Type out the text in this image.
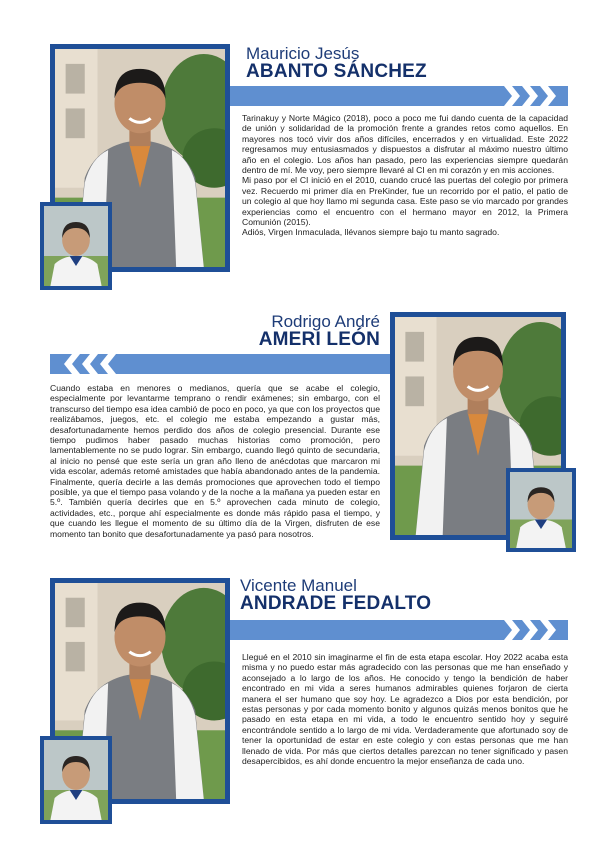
Mauricio Jesús
ABANTO SÁNCHEZ

Tarinakuy y Norte Mágico (2018), poco a poco me fui dando cuenta de la capacidad de unión y solidaridad de la promoción frente a grandes retos como aquellos. En mayores nos tocó vivir dos años difíciles, encerrados y en virtualidad. Este 2022 regresamos muy entusiasmados y dispuestos a disfrutar al máximo nuestro último año en el colegio. Los años han pasado, pero las experiencias siempre quedarán dentro de mí. Me voy, pero siempre llevaré al CI en mi corazón y en mis acciones.

Mi paso por el CI inició en el 2010, cuando crucé las puertas del colegio por primera vez. Recuerdo mi primer día en PreKinder, fue un recorrido por el patio, el patio de un colegio al que hoy llamo mi segunda casa. Este paso se vio marcado por grandes experiencias como el encuentro con el hermano mayor en 2012, la Primera Comunión (2015).

Adiós, Virgen Inmaculada, llévanos siempre bajo tu manto sagrado.

Rodrigo André
AMERI LEÓN

Cuando estaba en menores o medianos, quería que se acabe el colegio, especialmente por levantarme temprano o rendir exámenes; sin embargo, con el transcurso del tiempo esa idea cambió de poco en poco, ya que con los proyectos que realizábamos, juegos, etc. el colegio me estaba empezando a gustar más, desafortunadamente hemos perdido dos años de colegio presencial. Durante ese tiempo pudimos haber pasado muchas historias como promoción, pero lamentablemente no se pudo lograr. Sin embargo, cuando llegó quinto de secundaria, al inicio no pensé que este sería un gran año lleno de anécdotas que marcaron mi vida escolar, además retomé amistades que había abandonado antes de la pandemia. Finalmente, quería decirle a las demás promociones que aprovechen todo el tiempo posible, ya que el tiempo pasa volando y de la noche a la mañana ya pueden estar en 5.º. También quería decirles que en 5.º aprovechen cada minuto de colegio, actividades, etc., porque ahí especialmente es donde más rápido pasa el tiempo, y que cuando les llegue el momento de su último día de la Virgen, disfruten de ese momento tan bonito que desafortunadamente ya pasó para nosotros.

Vicente Manuel
ANDRADE FEDALTO

Llegué en el 2010 sin imaginarme el fin de esta etapa escolar. Hoy 2022 acaba esta misma y no puedo estar más agradecido con las personas que me han enseñado y aconsejado a lo largo de los años. He conocido y tengo la bendición de haber encontrado en mi vida a seres humanos admirables quienes forjaron de cierta manera el ser humano que soy hoy. Le agradezco a Dios por esta bendición, por estas personas y por cada momento bonito y algunos quizás menos bonitos que he pasado en esta etapa en mi vida, a todo le encuentro sentido hoy y seguiré encontrándole sentido a lo largo de mi vida. Verdaderamente que afortunado soy de tener la oportunidad de estar en este colegio y con estas personas que me han llenado de vida. Por más que ciertos detalles parezcan no tener significado y pasen desapercibidos, es ahí donde encuentro la mejor enseñanza de cada uno.
